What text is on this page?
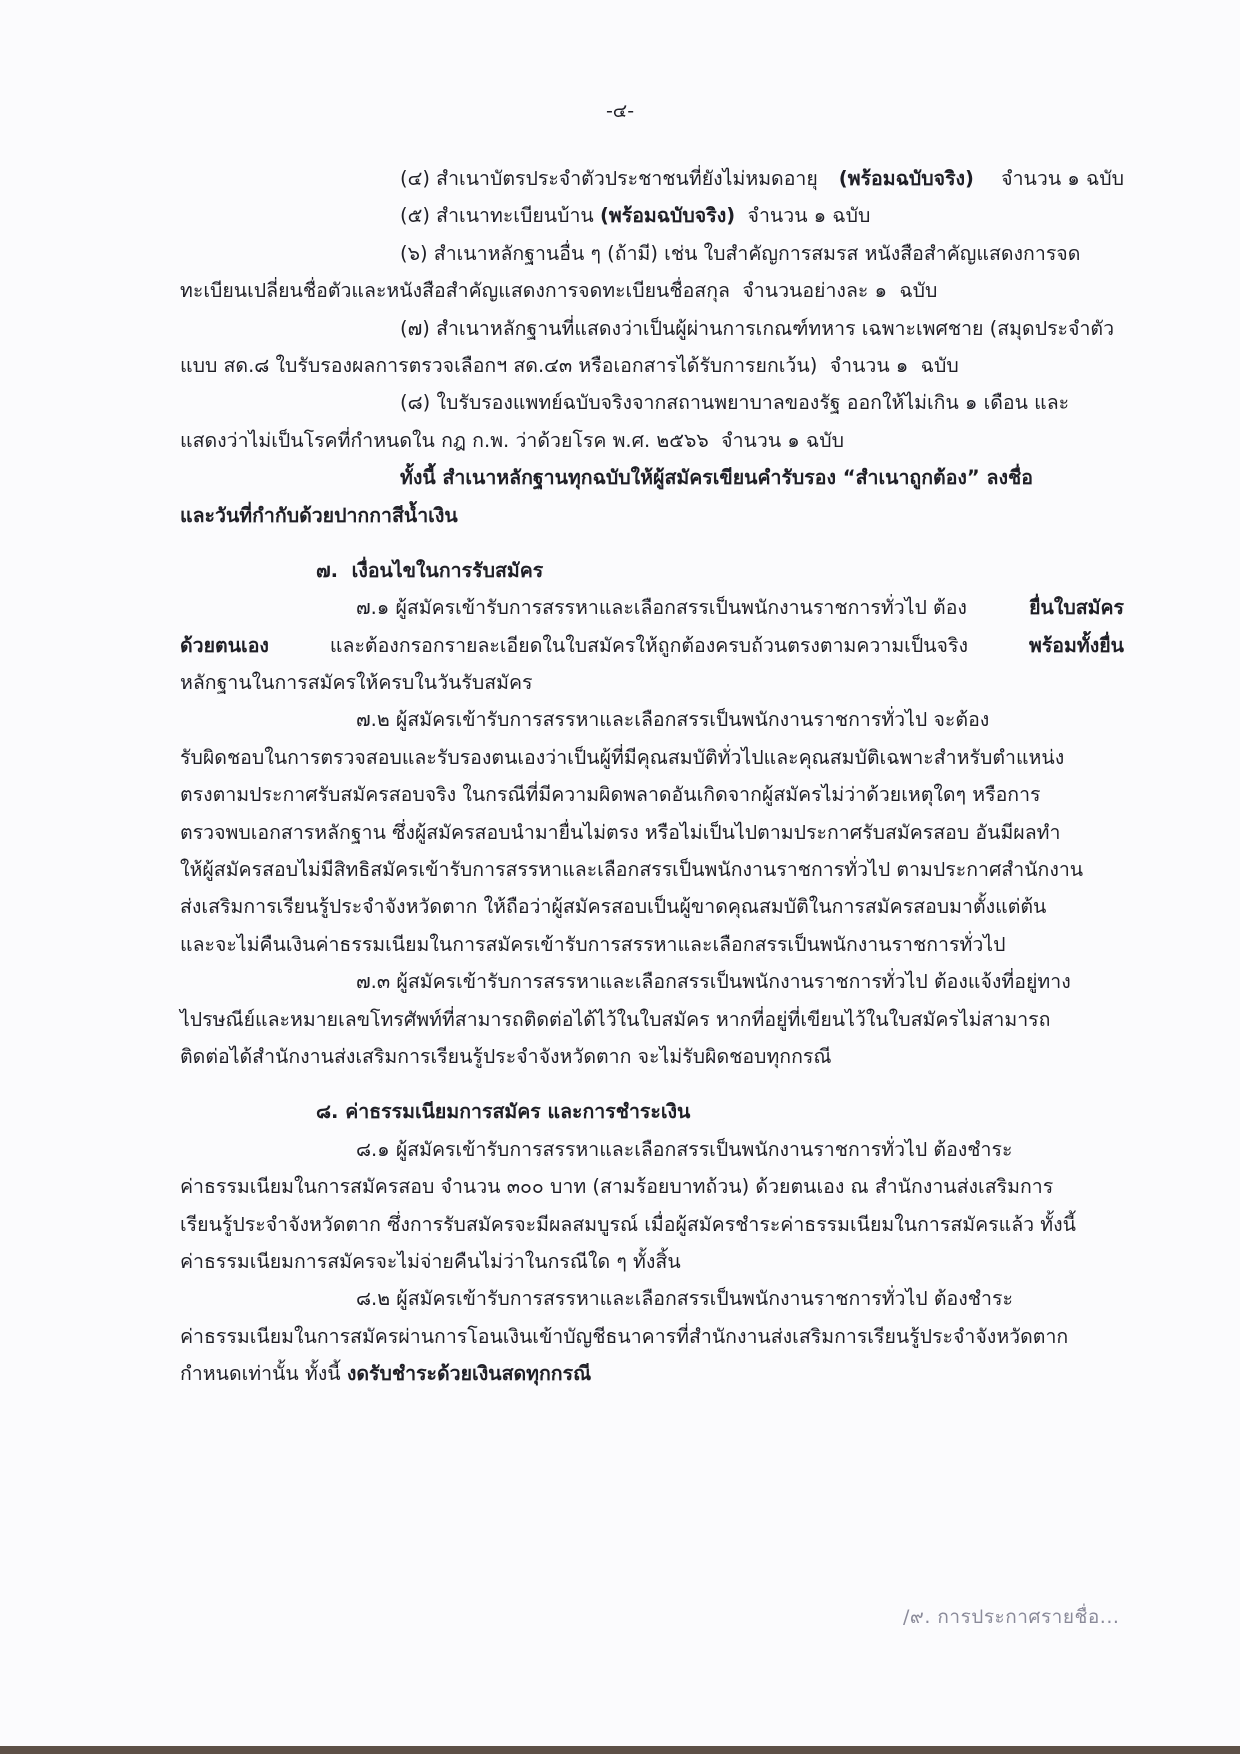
-๔-
(๔) สำเนาบัตรประจำตัวประชาชนที่ยังไม่หมดอายุ (พร้อมฉบับจริง) จำนวน ๑ ฉบับ
(๕) สำเนาทะเบียนบ้าน (พร้อมฉบับจริง) จำนวน ๑ ฉบับ
(๖) สำเนาหลักฐานอื่น ๆ (ถ้ามี) เช่น ใบสำคัญการสมรส หนังสือสำคัญแสดงการจด
ทะเบียนเปลี่ยนชื่อตัวและหนังสือสำคัญแสดงการจดทะเบียนชื่อสกุล  จำนวนอย่างละ ๑  ฉบับ
(๗) สำเนาหลักฐานที่แสดงว่าเป็นผู้ผ่านการเกณฑ์ทหาร เฉพาะเพศชาย (สมุดประจำตัว
แบบ สด.๘ ใบรับรองผลการตรวจเลือกฯ สด.๔๓ หรือเอกสารได้รับการยกเว้น)  จำนวน ๑  ฉบับ
(๘) ใบรับรองแพทย์ฉบับจริงจากสถานพยาบาลของรัฐ ออกให้ไม่เกิน ๑ เดือน และ
แสดงว่าไม่เป็นโรคที่กำหนดใน กฎ ก.พ. ว่าด้วยโรค พ.ศ. ๒๕๖๖  จำนวน ๑ ฉบับ
ทั้งนี้ สำเนาหลักฐานทุกฉบับให้ผู้สมัครเขียนคำรับรอง “สำเนาถูกต้อง” ลงชื่อ
และวันที่กำกับด้วยปากกาสีน้ำเงิน
๗.  เงื่อนไขในการรับสมัคร
๗.๑ ผู้สมัครเข้ารับการสรรหาและเลือกสรรเป็นพนักงานราชการทั่วไป ต้อง	ยื่นใบสมัคร
ด้วยตนเอง	และต้องกรอกรายละเอียดในใบสมัครให้ถูกต้องครบถ้วนตรงตามความเป็นจริง	พร้อมทั้งยื่น
หลักฐานในการสมัครให้ครบในวันรับสมัคร
๗.๒ ผู้สมัครเข้ารับการสรรหาและเลือกสรรเป็นพนักงานราชการทั่วไป จะต้อง
รับผิดชอบในการตรวจสอบและรับรองตนเองว่าเป็นผู้ที่มีคุณสมบัติทั่วไปและคุณสมบัติเฉพาะสำหรับตำแหน่ง
ตรงตามประกาศรับสมัครสอบจริง ในกรณีที่มีความผิดพลาดอันเกิดจากผู้สมัครไม่ว่าด้วยเหตุใดๆ หรือการ
ตรวจพบเอกสารหลักฐาน ซึ่งผู้สมัครสอบนำมายื่นไม่ตรง หรือไม่เป็นไปตามประกาศรับสมัครสอบ อันมีผลทำ
ให้ผู้สมัครสอบไม่มีสิทธิสมัครเข้ารับการสรรหาและเลือกสรรเป็นพนักงานราชการทั่วไป ตามประกาศสำนักงาน
ส่งเสริมการเรียนรู้ประจำจังหวัดตาก ให้ถือว่าผู้สมัครสอบเป็นผู้ขาดคุณสมบัติในการสมัครสอบมาตั้งแต่ต้น
และจะไม่คืนเงินค่าธรรมเนียมในการสมัครเข้ารับการสรรหาและเลือกสรรเป็นพนักงานราชการทั่วไป
๗.๓ ผู้สมัครเข้ารับการสรรหาและเลือกสรรเป็นพนักงานราชการทั่วไป ต้องแจ้งที่อยู่ทาง
ไปรษณีย์และหมายเลขโทรศัพท์ที่สามารถติดต่อได้ไว้ในใบสมัคร หากที่อยู่ที่เขียนไว้ในใบสมัครไม่สามารถ
ติดต่อได้สำนักงานส่งเสริมการเรียนรู้ประจำจังหวัดตาก จะไม่รับผิดชอบทุกกรณี
๘. ค่าธรรมเนียมการสมัคร และการชำระเงิน
๘.๑ ผู้สมัครเข้ารับการสรรหาและเลือกสรรเป็นพนักงานราชการทั่วไป ต้องชำระ
ค่าธรรมเนียมในการสมัครสอบ จำนวน ๓๐๐ บาท (สามร้อยบาทถ้วน) ด้วยตนเอง ณ สำนักงานส่งเสริมการ
เรียนรู้ประจำจังหวัดตาก ซึ่งการรับสมัครจะมีผลสมบูรณ์ เมื่อผู้สมัครชำระค่าธรรมเนียมในการสมัครแล้ว ทั้งนี้
ค่าธรรมเนียมการสมัครจะไม่จ่ายคืนไม่ว่าในกรณีใด ๆ ทั้งสิ้น
๘.๒ ผู้สมัครเข้ารับการสรรหาและเลือกสรรเป็นพนักงานราชการทั่วไป ต้องชำระ
ค่าธรรมเนียมในการสมัครผ่านการโอนเงินเข้าบัญชีธนาคารที่สำนักงานส่งเสริมการเรียนรู้ประจำจังหวัดตาก
กำหนดเท่านั้น ทั้งนี้ งดรับชำระด้วยเงินสดทุกกรณี
/๙. การประกาศรายชื่อ...
